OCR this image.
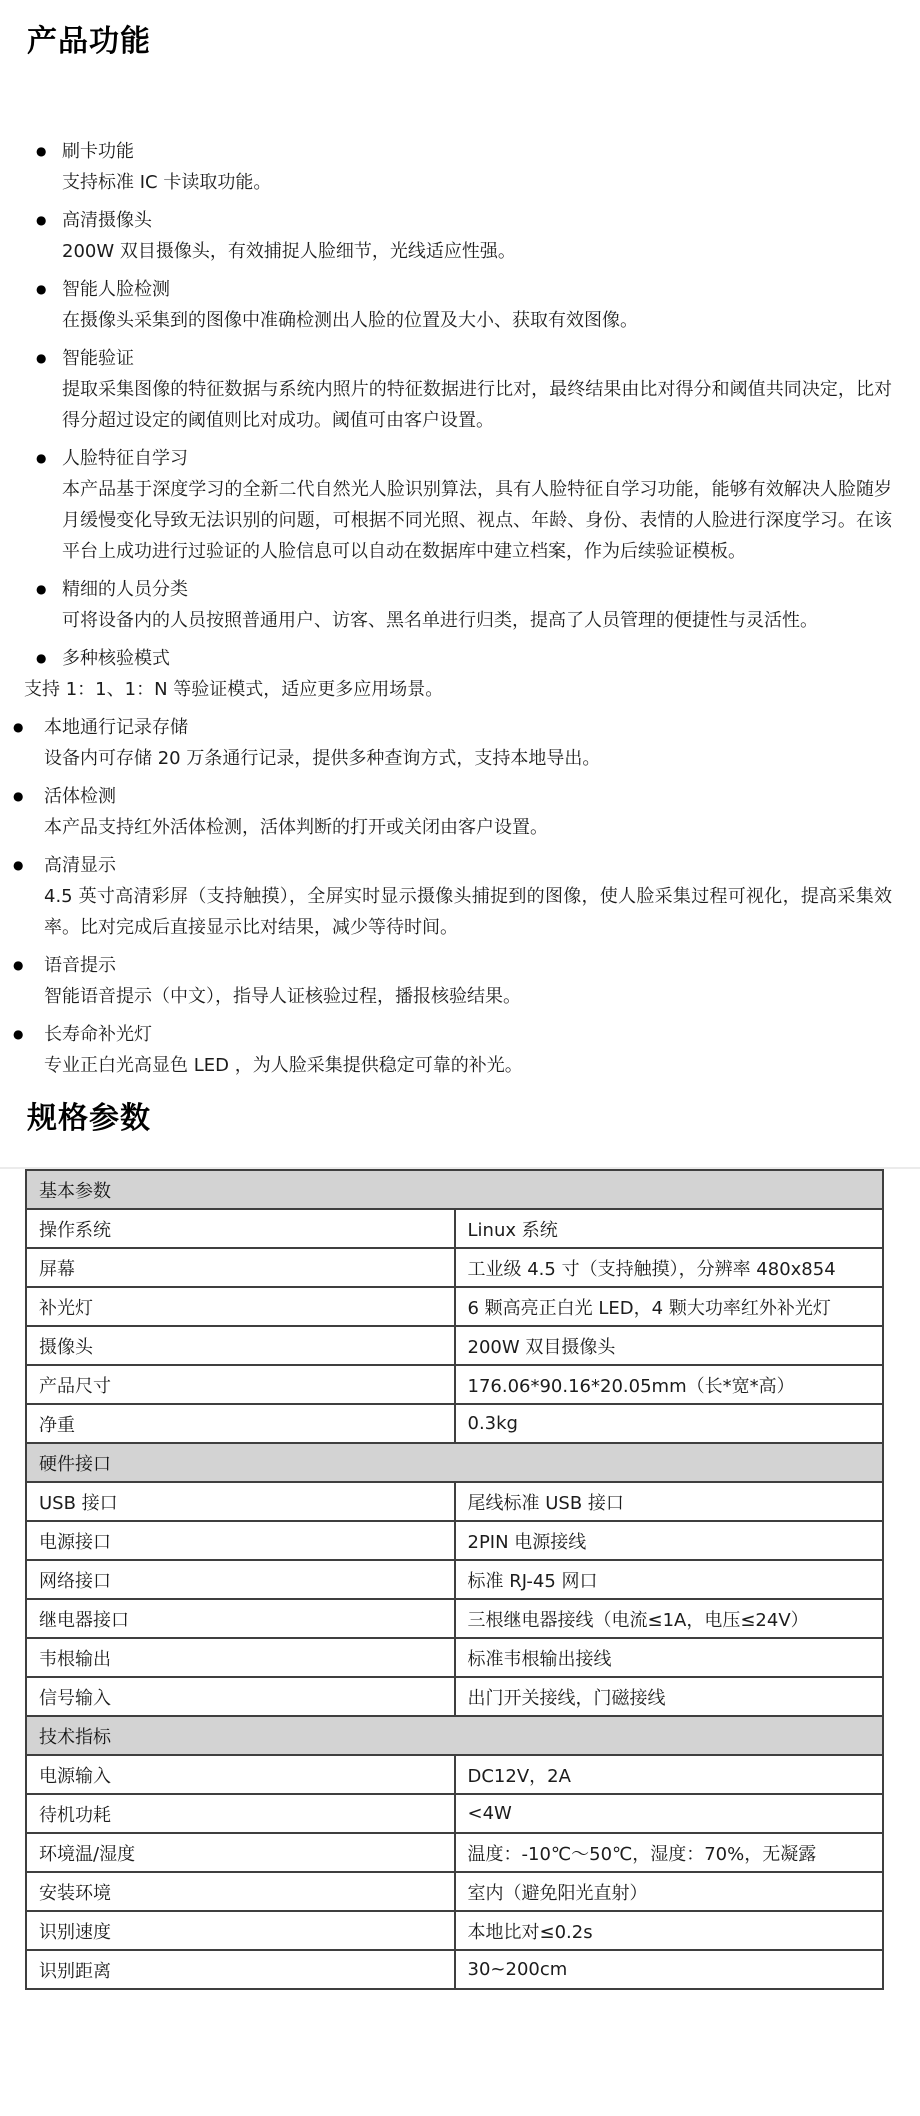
产品功能
● 刷卡功能
支持标准 IC 卡读取功能。
● 高清摄像头
200W 双目摄像头，有效捕捉人脸细节，光线适应性强。
● 智能人脸检测
在摄像头采集到的图像中准确检测出人脸的位置及大小、获取有效图像。
● 智能验证
提取采集图像的特征数据与系统内照片的特征数据进行比对，最终结果由比对得分和阈值共同决定，比对得分超过设定的阈值则比对成功。阈值可由客户设置。
● 人脸特征自学习
本产品基于深度学习的全新二代自然光人脸识别算法，具有人脸特征自学习功能，能够有效解决人脸随岁月缓慢变化导致无法识别的问题，可根据不同光照、视点、年龄、身份、表情的人脸进行深度学习。在该平台上成功进行过验证的人脸信息可以自动在数据库中建立档案，作为后续验证模板。
● 精细的人员分类
可将设备内的人员按照普通用户、访客、黑名单进行归类，提高了人员管理的便捷性与灵活性。
● 多种核验模式
支持 1：1、1：N 等验证模式，适应更多应用场景。
●	本地通行记录存储
设备内可存储 20 万条通行记录，提供多种查询方式，支持本地导出。
●	活体检测
本产品支持红外活体检测，活体判断的打开或关闭由客户设置。
●	高清显示
4.5 英寸高清彩屏（支持触摸），全屏实时显示摄像头捕捉到的图像，使人脸采集过程可视化，提高采集效率。比对完成后直接显示比对结果，减少等待时间。
●	语音提示
智能语音提示（中文），指导人证核验过程，播报核验结果。
●	长寿命补光灯
专业正白光高显色 LED ，为人脸采集提供稳定可靠的补光。
规格参数
基本参数	
操作系统	Linux 系统
屏幕	工业级 4.5 寸（支持触摸），分辨率 480x854
补光灯	6 颗高亮正白光 LED，4 颗大功率红外补光灯
摄像头	200W 双目摄像头
产品尺寸	176.06*90.16*20.05mm（长*宽*高）
净重	0.3kg
硬件接口	
USB 接口	尾线标准 USB 接口
电源接口	2PIN 电源接线
网络接口	标准 RJ-45 网口
继电器接口	三根继电器接线（电流≤1A，电压≤24V）
韦根输出	标准韦根输出接线
信号输入	出门开关接线，门磁接线
技术指标	
电源输入	DC12V，2A
待机功耗	<4W
环境温/湿度	温度：-10℃～50℃，湿度：70%，无凝露
安装环境	室内（避免阳光直射）
识别速度	本地比对≤0.2s
识别距离	30~200cm
